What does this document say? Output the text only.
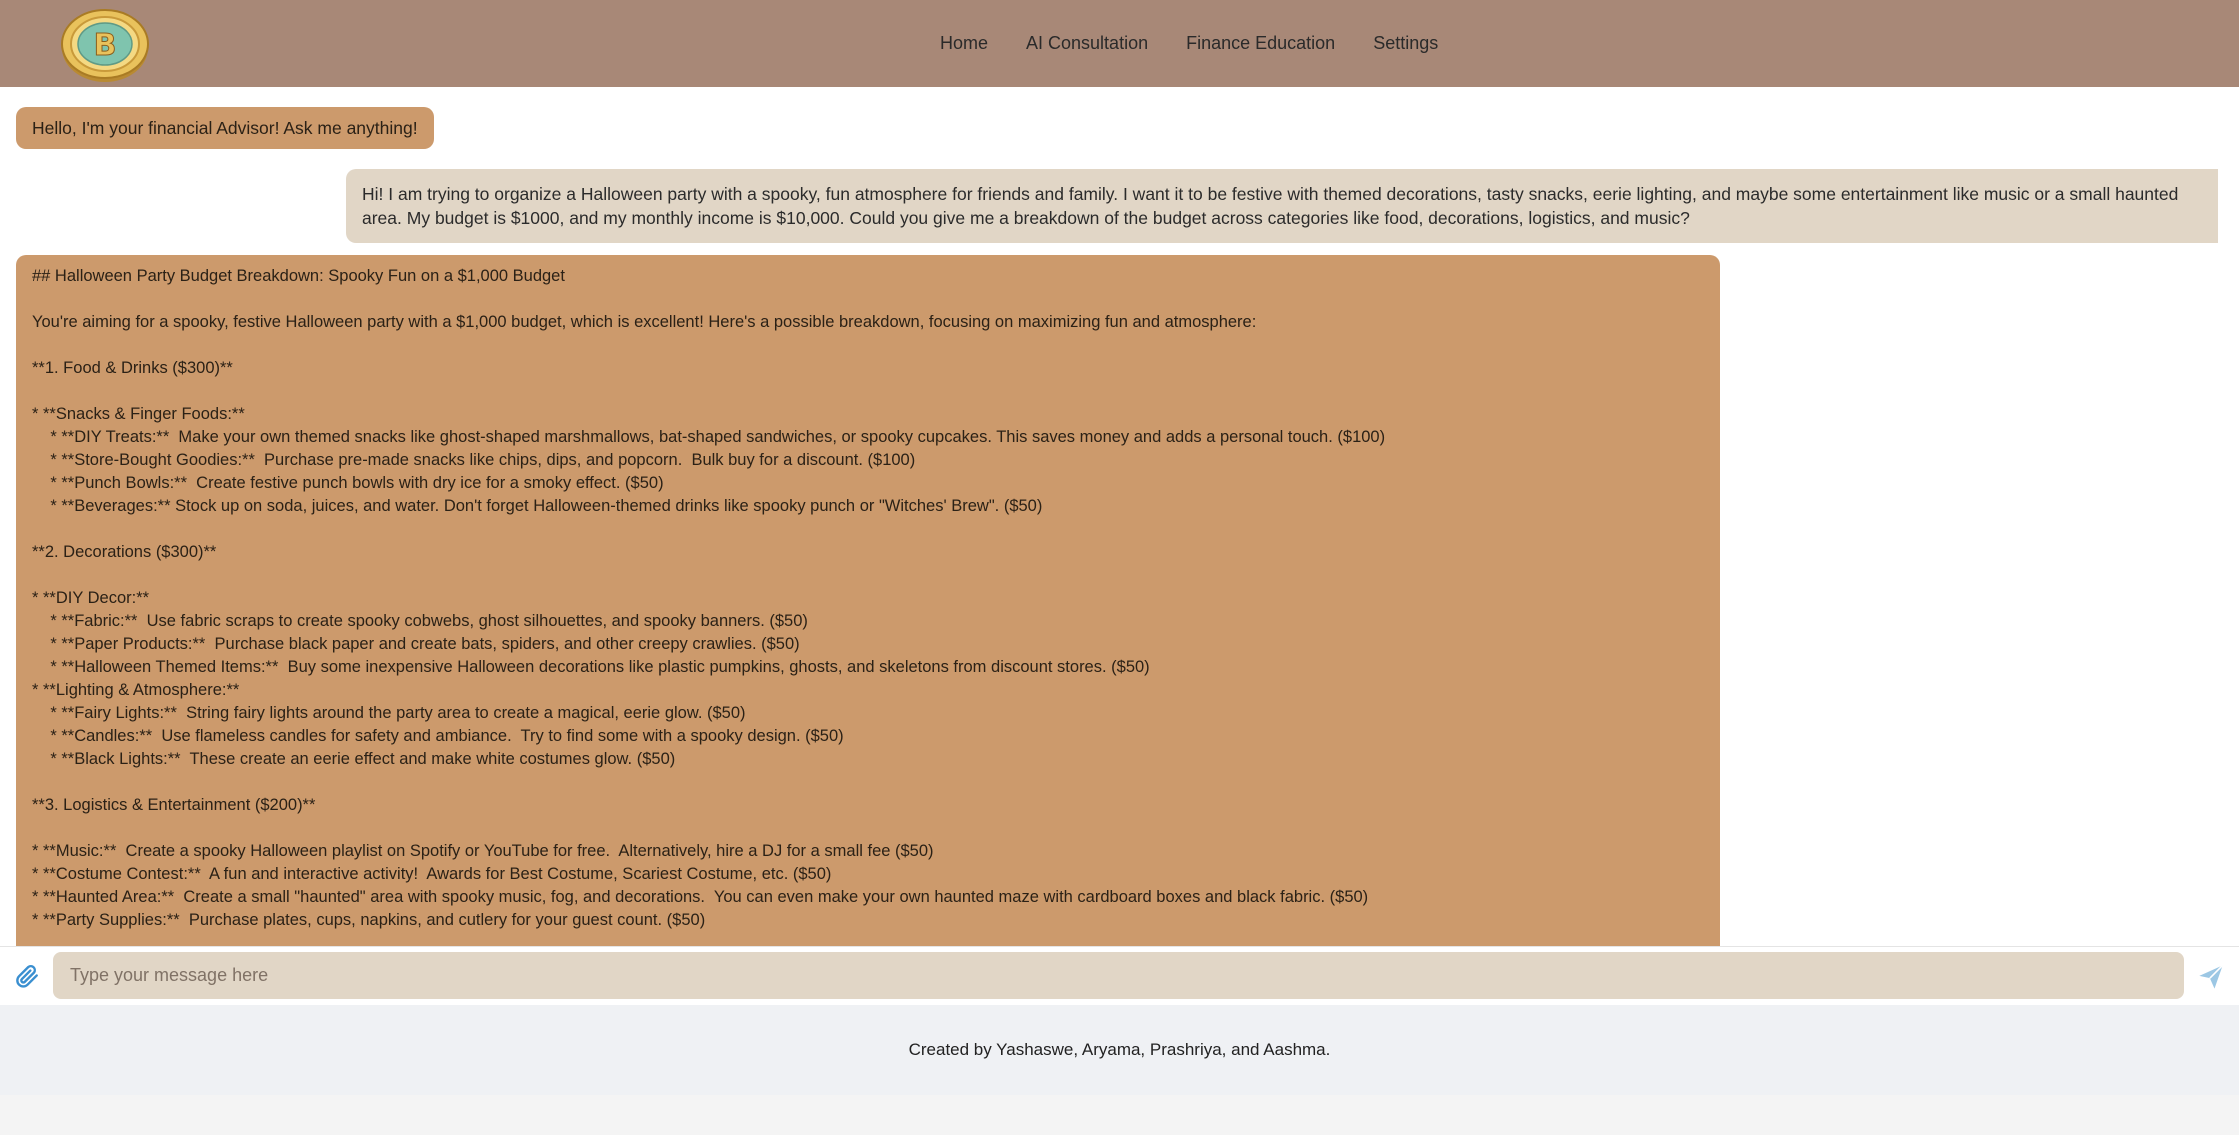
B	Home AI Consultation Finance Education Settings
Hello, I'm your financial Advisor! Ask me anything!
Hi! I am trying to organize a Halloween party with a spooky, fun atmosphere for friends and family. I want it to be festive with themed decorations, tasty snacks, eerie lighting, and maybe some entertainment like music or a small haunted area. My budget is $1000, and my monthly income is $10,000. Could you give me a breakdown of the budget across categories like food, decorations, logistics, and music?
## Halloween Party Budget Breakdown: Spooky Fun on a $1,000 Budget

You're aiming for a spooky, festive Halloween party with a $1,000 budget, which is excellent! Here's a possible breakdown, focusing on maximizing fun and atmosphere:

**1. Food & Drinks ($300)**

* **Snacks & Finger Foods:**
* **DIY Treats:**  Make your own themed snacks like ghost-shaped marshmallows, bat-shaped sandwiches, or spooky cupcakes. This saves money and adds a personal touch. ($100)
* **Store-Bought Goodies:**  Purchase pre-made snacks like chips, dips, and popcorn.  Bulk buy for a discount. ($100)
* **Punch Bowls:**  Create festive punch bowls with dry ice for a smoky effect. ($50)
* **Beverages:** Stock up on soda, juices, and water. Don't forget Halloween-themed drinks like spooky punch or "Witches' Brew". ($50)

**2. Decorations ($300)**

* **DIY Decor:**
* **Fabric:**  Use fabric scraps to create spooky cobwebs, ghost silhouettes, and spooky banners. ($50)
* **Paper Products:**  Purchase black paper and create bats, spiders, and other creepy crawlies. ($50)
* **Halloween Themed Items:**  Buy some inexpensive Halloween decorations like plastic pumpkins, ghosts, and skeletons from discount stores. ($50)
* **Lighting & Atmosphere:**
* **Fairy Lights:**  String fairy lights around the party area to create a magical, eerie glow. ($50)
* **Candles:**  Use flameless candles for safety and ambiance.  Try to find some with a spooky design. ($50)
* **Black Lights:**  These create an eerie effect and make white costumes glow. ($50)

**3. Logistics & Entertainment ($200)**

* **Music:**  Create a spooky Halloween playlist on Spotify or YouTube for free.  Alternatively, hire a DJ for a small fee ($50)
* **Costume Contest:**  A fun and interactive activity!  Awards for Best Costume, Scariest Costume, etc. ($50)
* **Haunted Area:**  Create a small "haunted" area with spooky music, fog, and decorations.  You can even make your own haunted maze with cardboard boxes and black fabric. ($50)
* **Party Supplies:**  Purchase plates, cups, napkins, and cutlery for your guest count. ($50)
Type your message here
Created by Yashaswe, Aryama, Prashriya, and Aashma.
